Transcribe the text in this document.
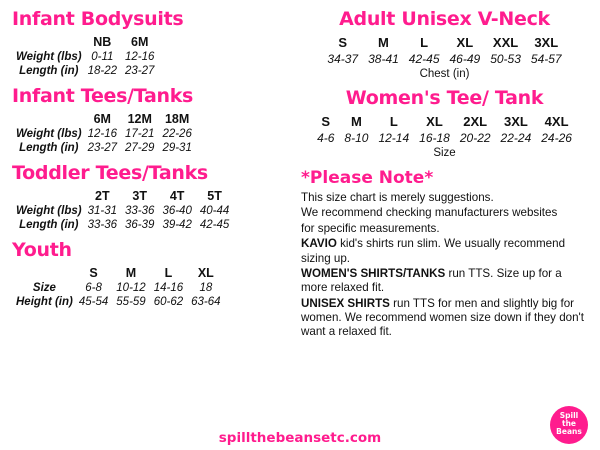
Infant Bodysuits
	NB	6M
Weight (lbs)	0-11	12-16
Length (in)	18-22	23-27
Infant Tees/Tanks
	6M	12M	18M
Weight (lbs)	12-16	17-21	22-26
Length (in)	23-27	27-29	29-31
Toddler Tees/Tanks
	2T	3T	4T	5T
Weight (lbs)	31-31	33-36	36-40	40-44
Length (in)	33-36	36-39	39-42	42-45
Youth
	S	M	L	XL
Size	6-8	10-12	14-16	18
Height (in)	45-54	55-59	60-62	63-64
Adult Unisex V-Neck
S	M	L	XL	XXL	3XL
34-37	38-41	42-45	46-49	50-53	54-57
Chest (in)
Women's Tee/ Tank
S	M	L	XL	2XL	3XL	4XL
4-6	8-10	12-14	16-18	20-22	22-24	24-26
Size
*Please Note*

This size chart is merely suggestions.

We recommend checking manufacturers websites

for specific measurements.

KAVIO kid's shirts run slim. We usually recommend sizing up.

WOMEN'S SHIRTS/TANKS run TTS. Size up for a more relaxed fit.

UNISEX SHIRTS run TTS for men and slightly big for women. We recommend women size down if they don't want a relaxed fit.

spillthebeansetc.com
Spill the Beans
